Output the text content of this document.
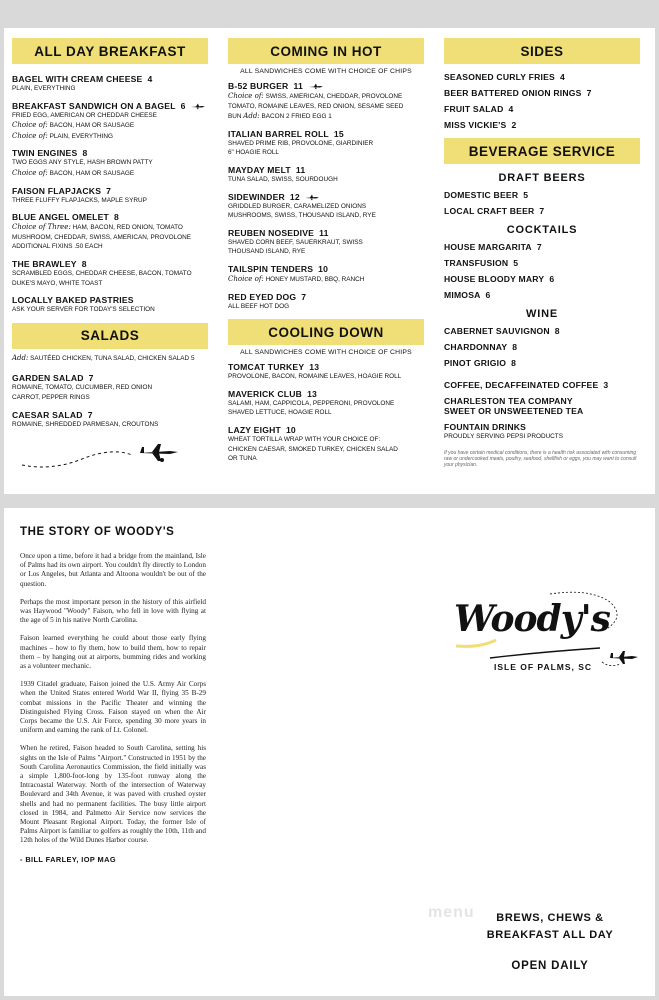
ALL DAY BREAKFAST
BAGEL WITH CREAM CHEESE 4
PLAIN, EVERYTHING
BREAKFAST SANDWICH ON A BAGEL 6
FRIED EGG, AMERICAN OR CHEDDAR CHEESE
Choice of: BACON, HAM OR SAUSAGE
Choice of: PLAIN, EVERYTHING
TWIN ENGINES 8
TWO EGGS ANY STYLE, HASH BROWN PATTY
Choice of: BACON, HAM OR SAUSAGE
FAISON FLAPJACKS 7
THREE FLUFFY FLAPJACKS, MAPLE SYRUP
BLUE ANGEL OMELET 8
Choice of Three: HAM, BACON, RED ONION, TOMATO
MUSHROOM, CHEDDAR, SWISS, AMERICAN, PROVOLONE
ADDITIONAL FIXINS .50 EACH
THE BRAWLEY 8
SCRAMBLED EGGS, CHEDDAR CHEESE, BACON, TOMATO
DUKE'S MAYO, WHITE TOAST
LOCALLY BAKED PASTRIES
ASK YOUR SERVER FOR TODAY'S SELECTION
SALADS
Add: SAUTÉED CHICKEN, TUNA SALAD, CHICKEN SALAD 5
GARDEN SALAD 7
ROMAINE, TOMATO, CUCUMBER, RED ONION
CARROT, PEPPER RINGS
CAESAR SALAD 7
ROMAINE, SHREDDED PARMESAN, CROUTONS
COMING IN HOT
ALL SANDWICHES COME WITH CHOICE OF CHIPS
B-52 BURGER 11
Choice of: SWISS, AMERICAN, CHEDDAR, PROVOLONE
TOMATO, ROMAINE LEAVES, RED ONION, SESAME SEED
BUN Add: BACON 2 FRIED EGG 1
ITALIAN BARREL ROLL 15
SHAVED PRIME RIB, PROVOLONE, GIARDINIER
6" HOAGIE ROLL
MAYDAY MELT 11
TUNA SALAD, SWISS, SOURDOUGH
SIDEWINDER 12
GRIDDLED BURGER, CARAMELIZED ONIONS
MUSHROOMS, SWISS, THOUSAND ISLAND, RYE
REUBEN NOSEDIVE 11
SHAVED CORN BEEF, SAUERKRAUT, SWISS
THOUSAND ISLAND, RYE
TAILSPIN TENDERS 10
Choice of: HONEY MUSTARD, BBQ, RANCH
RED EYED DOG 7
ALL BEEF HOT DOG
COOLING DOWN
ALL SANDWICHES COME WITH CHOICE OF CHIPS
TOMCAT TURKEY 13
PROVOLONE, BACON, ROMAINE LEAVES, HOAGIE ROLL
MAVERICK CLUB 13
SALAMI, HAM, CAPPICOLA, PEPPERONI, PROVOLONE
SHAVED LETTUCE, HOAGIE ROLL
LAZY EIGHT 10
WHEAT TORTILLA WRAP WITH YOUR CHOICE OF:
CHICKEN CAESAR, SMOKED TURKEY, CHICKEN SALAD
OR TUNA
SIDES
SEASONED CURLY FRIES 4
BEER BATTERED ONION RINGS 7
FRUIT SALAD 4
MISS VICKIE'S 2
BEVERAGE SERVICE
DRAFT BEERS
DOMESTIC BEER 5
LOCAL CRAFT BEER 7
COCKTAILS
HOUSE MARGARITA 7
TRANSFUSION 5
HOUSE BLOODY MARY 6
MIMOSA 6
WINE
CABERNET SAUVIGNON 8
CHARDONNAY 8
PINOT GRIGIO 8
COFFEE, DECAFFEINATED COFFEE 3
CHARLESTON TEA COMPANY
SWEET OR UNSWEETENED TEA
FOUNTAIN DRINKS
PROUDLY SERVING PEPSI PRODUCTS
If you have certain medical conditions, there is a health risk associated with consuming raw or undercooked meats, poultry, seafood, shellfish or eggs, you may want to consult your physician.
THE STORY OF WOODY'S

Once upon a time, before it had a bridge from the mainland, Isle of Palms had its own airport. You couldn't fly directly to London or Los Angeles, but Atlanta and Altoona wouldn't be out of the question.

Perhaps the most important person in the history of this airfield was Haywood "Woody" Faison, who fell in love with flying at the age of 5 in his native North Carolina.

Faison learned everything he could about those early flying machines – how to fly them, how to build them, how to repair them – by hanging out at airports, bumming rides and working as a volunteer mechanic.

1939 Citadel graduate, Faison joined the U.S. Army Air Corps when the United States entered World War II, flying 35 B-29 combat missions in the Pacific Theater and winning the Distinguished Flying Cross. Faison stayed on when the Air Corps became the U.S. Air Force, spending 30 more years in uniform and earning the rank of Lt. Colonel.

When he retired, Faison headed to South Carolina, setting his sights on the Isle of Palms "Airport." Constructed in 1951 by the South Carolina Aeronautics Commission, the field initially was a simple 1,800-foot-long by 135-foot runway along the Intracoastal Waterway. North of the intersection of Waterway Boulevard and 34th Avenue, it was paved with crushed oyster shells and had no permanent facilities. The busy little airport closed in 1984, and Palmetto Air Service now services the Mount Pleasant Regional Airport. Today, the former Isle of Palms Airport is familiar to golfers as roughly the 10th, 11th and 12th holes of the Wild Dunes Harbor course.

- BILL FARLEY, IOP MAG
Woody's
ISLE OF PALMS, SC
menu	BREWS, CHEWS &
BREAKFAST ALL DAY
OPEN DAILY
